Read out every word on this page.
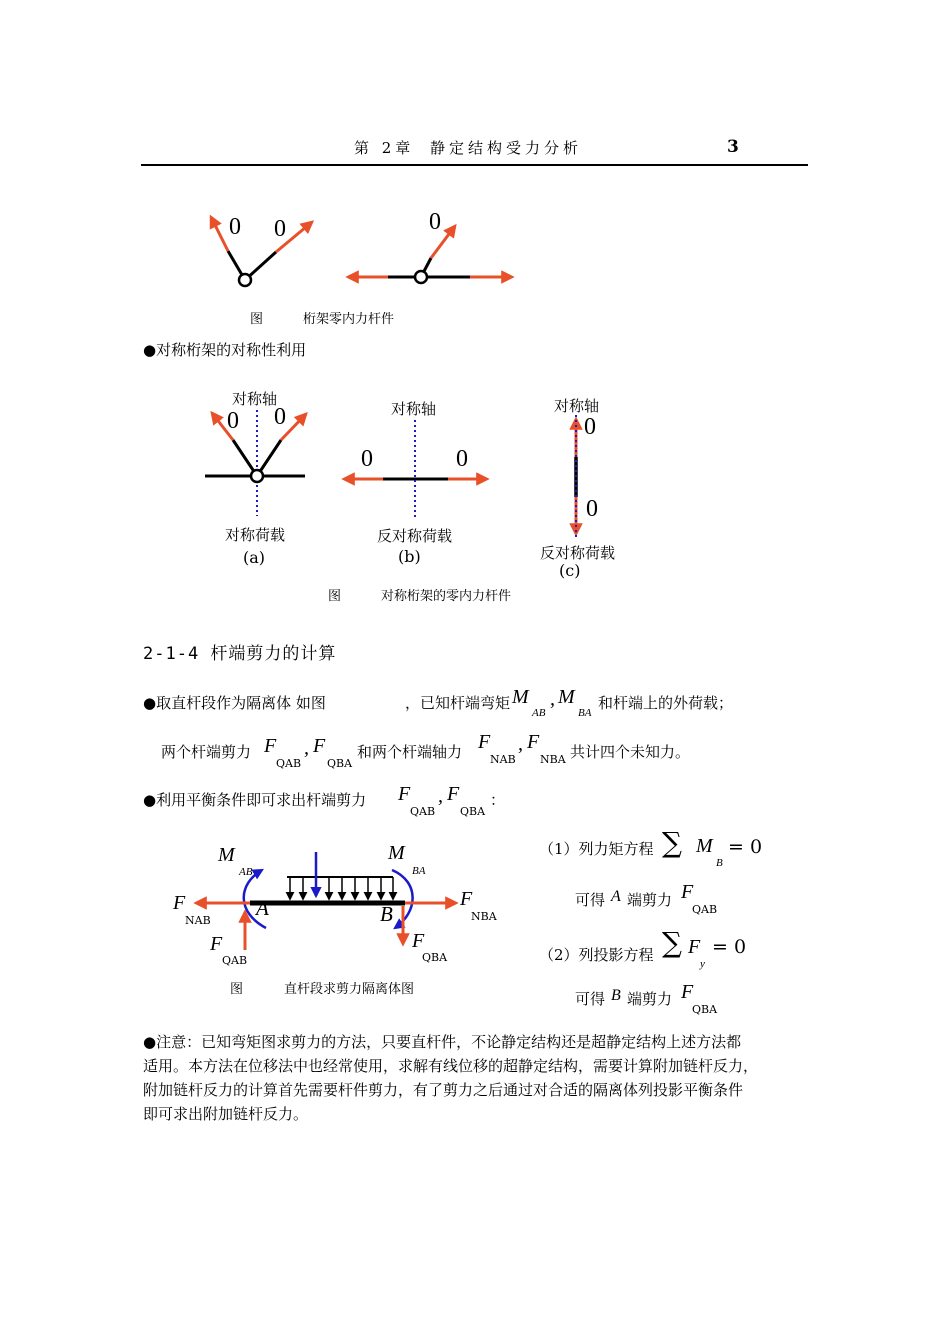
第 2章 静定结构受力分析	3
0 0	0
图	桁架零内力杆件
●对称桁架的对称性利用
0 0
0	0
0
0
对称轴
对称轴	对称轴
对称荷载
(a)
反对称荷载
(b)	反对称荷载
(c)
图	对称桁架的零内力杆件
2-1-4 杆端剪力的计算
●取直杆段作为隔离体 如图	，已知杆端弯矩 M
AB
, M
BA
和杆端上的外荷载；
两个杆端剪力 F
QAB
, F
QBA
和两个杆端轴力 F
NAB
, F
NBA 共计四个未知力。
●利用平衡条件即可求出杆端剪力 F
QAB
, F
QBA
：
M
AB
M
BA
F
NAB
A	B
F
NBA
F
QAB
F
QBA
图	直杆段求剪力隔离体图
（1）列力矩方程 ∑ M
B
= 0
可得 A 端剪力 F
QAB
（2）列投影方程 ∑ F
y
= 0
可得 B 端剪力 F
QBA
●注意：已知弯矩图求剪力的方法，只要直杆件，不论静定结构还是超静定结构上述方法都
适用。本方法在位移法中也经常使用，求解有线位移的超静定结构，需要计算附加链杆反力，
附加链杆反力的计算首先需要杆件剪力，有了剪力之后通过对合适的隔离体列投影平衡条件
即可求出附加链杆反力。
